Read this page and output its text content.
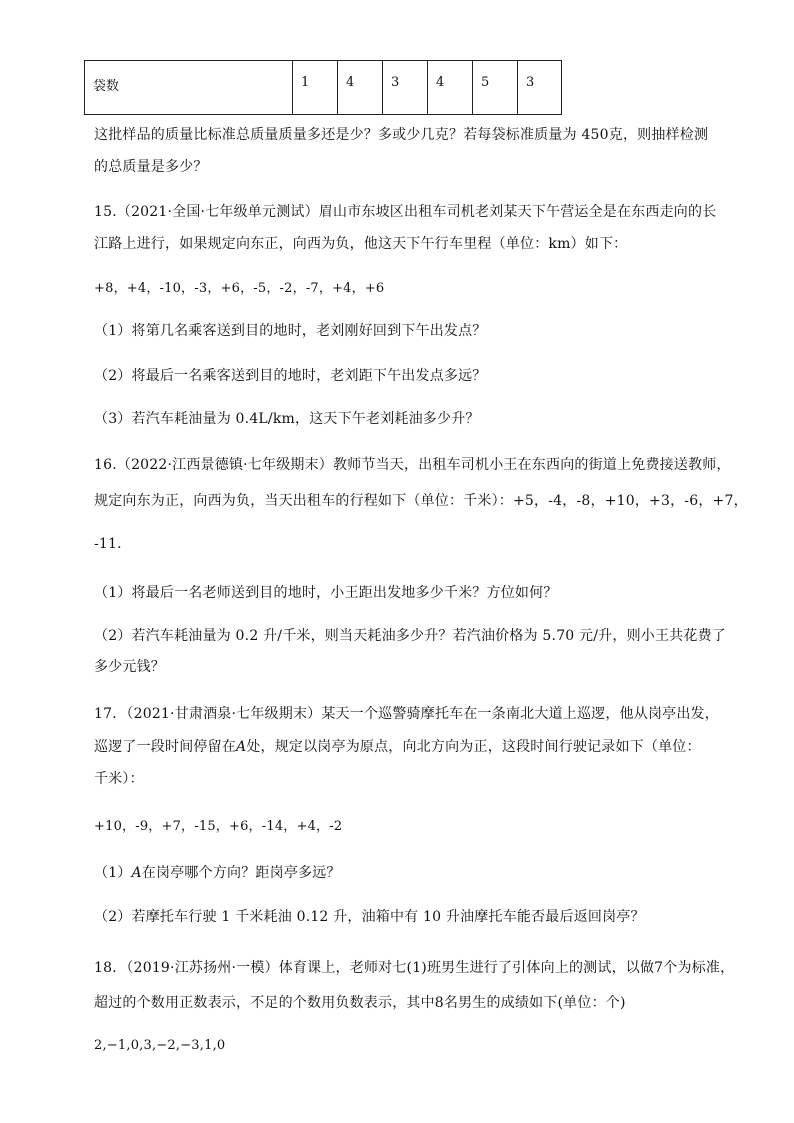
袋数	1	4	3	4	5	3
这批样品的质量比标准总质量质量多还是少？多或少几克？若每袋标准质量为 450克，则抽样检测
的总质量是多少？
15.（2021·全国·七年级单元测试）眉山市东坡区出租车司机老刘某天下午营运全是在东西走向的长
江路上进行，如果规定向东正，向西为负，他这天下午行车里程（单位：km）如下：
+8，+4，-10，-3，+6，-5，-2，-7，+4，+6
（1）将第几名乘客送到目的地时，老刘刚好回到下午出发点？
（2）将最后一名乘客送到目的地时，老刘距下午出发点多远？
（3）若汽车耗油量为 0.4L/km，这天下午老刘耗油多少升？
16.（2022·江西景德镇·七年级期末）教师节当天，出租车司机小王在东西向的街道上免费接送教师，
规定向东为正，向西为负，当天出租车的行程如下（单位：千米）：+5，-4，-8，+10，+3，-6，+7，
-11．
（1）将最后一名老师送到目的地时，小王距出发地多少千米？方位如何？
（2）若汽车耗油量为 0.2 升/千米，则当天耗油多少升？若汽油价格为 5.70 元/升，则小王共花费了
多少元钱？
17．（2021·甘肃酒泉·七年级期末）某天一个巡警骑摩托车在一条南北大道上巡逻，他从岗亭出发，
巡逻了一段时间停留在A处，规定以岗亭为原点，向北方向为正，这段时间行驶记录如下（单位：
千米）：
+10，-9，+7，-15，+6，-14，+4，-2
（1）A在岗亭哪个方向？距岗亭多远？
（2）若摩托车行驶 1 千米耗油 0.12 升，油箱中有 10 升油摩托车能否最后返回岗亭？
18．（2019·江苏扬州·一模）体育课上，老师对七(1)班男生进行了引体向上的测试，以做7个为标准，
超过的个数用正数表示，不足的个数用负数表示，其中8名男生的成绩如下(单位：个)
2,−1,0,3,−2,−3,1,0
